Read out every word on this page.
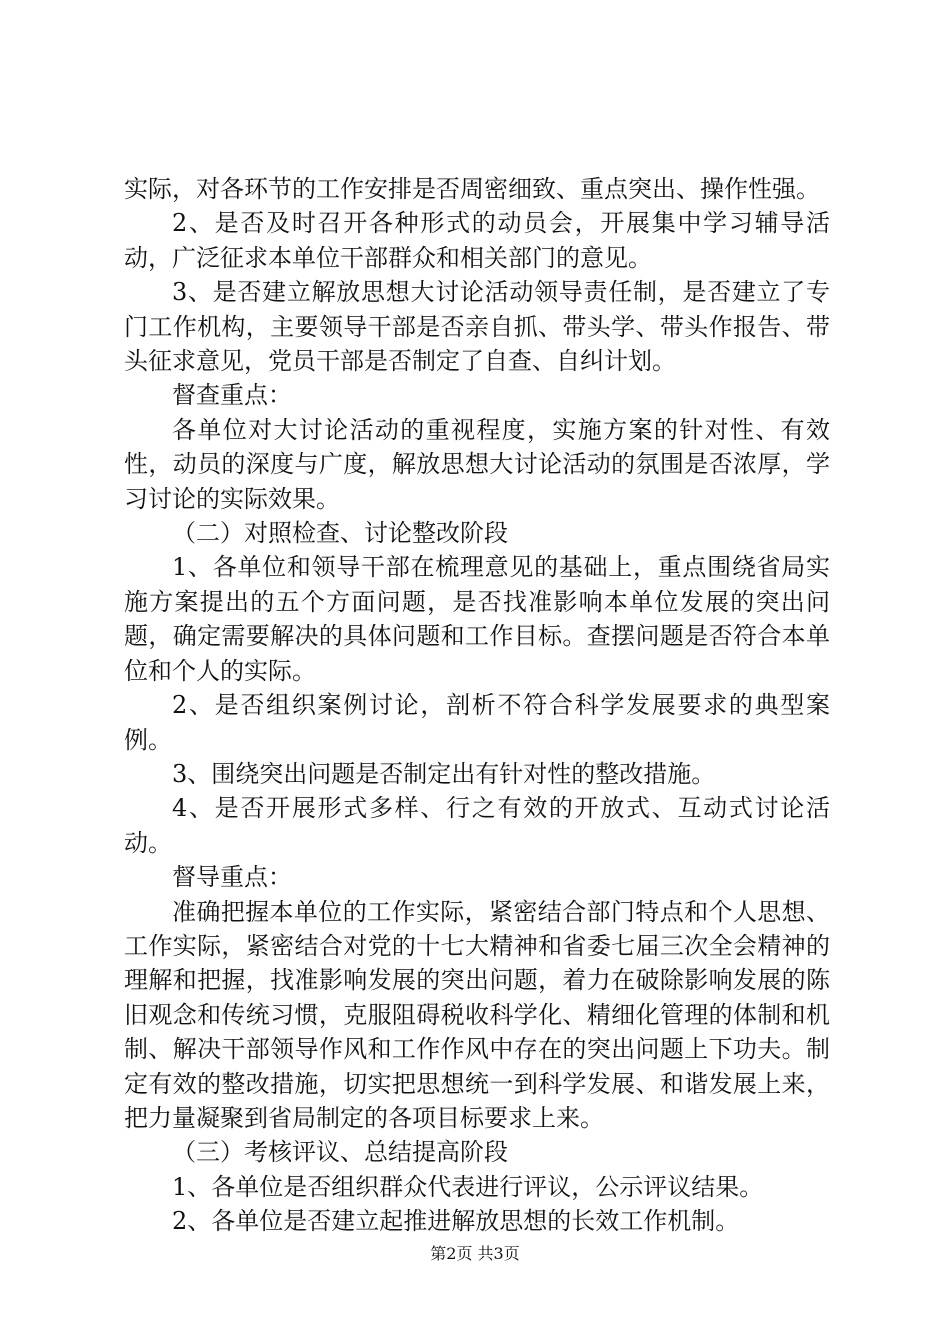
实际，对各环节的工作安排是否周密细致、重点突出、操作性强。

2、是否及时召开各种形式的动员会，开展集中学习辅导活动，广泛征求本单位干部群众和相关部门的意见。

3、是否建立解放思想大讨论活动领导责任制，是否建立了专门工作机构，主要领导干部是否亲自抓、带头学、带头作报告、带头征求意见，党员干部是否制定了自查、自纠计划。

督查重点：

各单位对大讨论活动的重视程度，实施方案的针对性、有效性，动员的深度与广度，解放思想大讨论活动的氛围是否浓厚，学习讨论的实际效果。

（二）对照检查、讨论整改阶段

1、各单位和领导干部在梳理意见的基础上，重点围绕省局实施方案提出的五个方面问题，是否找准影响本单位发展的突出问题，确定需要解决的具体问题和工作目标。查摆问题是否符合本单位和个人的实际。

2、是否组织案例讨论，剖析不符合科学发展要求的典型案例。

3、围绕突出问题是否制定出有针对性的整改措施。

4、是否开展形式多样、行之有效的开放式、互动式讨论活动。

督导重点：

准确把握本单位的工作实际，紧密结合部门特点和个人思想、工作实际，紧密结合对党的十七大精神和省委七届三次全会精神的理解和把握，找准影响发展的突出问题，着力在破除影响发展的陈旧观念和传统习惯，克服阻碍税收科学化、精细化管理的体制和机制、解决干部领导作风和工作作风中存在的突出问题上下功夫。制定有效的整改措施，切实把思想统一到科学发展、和谐发展上来，把力量凝聚到省局制定的各项目标要求上来。

（三）考核评议、总结提高阶段

1、各单位是否组织群众代表进行评议，公示评议结果。

2、各单位是否建立起推进解放思想的长效工作机制。

第2页 共3页
